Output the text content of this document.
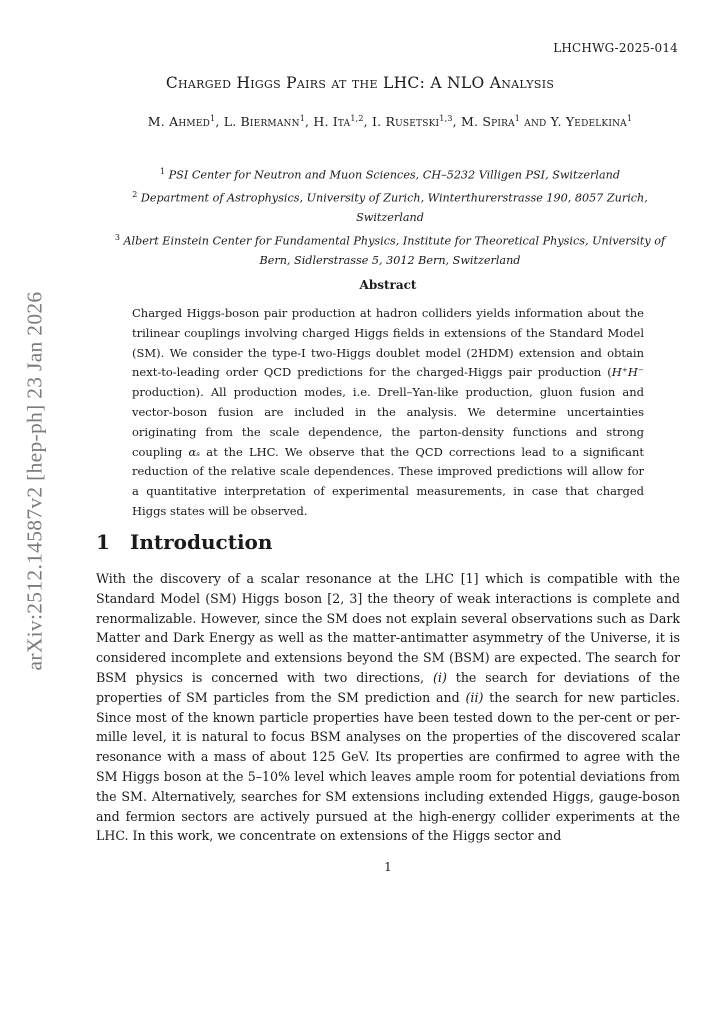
LHCHWG-2025-014
arXiv:2512.14587v2 [hep-ph] 23 Jan 2026
Charged Higgs Pairs at the LHC: A NLO Analysis
M. Ahmed$^1$, L. Biermann$^1$, H. Ita$^{1,2}$, I. Rusetski$^{1,3}$, M. Spira$^1$ and Y. Yedelkina$^1$
$^1$ PSI Center for Neutron and Muon Sciences, CH–5232 Villigen PSI, Switzerland
$^2$ Department of Astrophysics, University of Zurich, Winterthurerstrasse 190, 8057 Zurich, Switzerland
$^3$ Albert Einstein Center for Fundamental Physics, Institute for Theoretical Physics, University of Bern, Sidlerstrasse 5, 3012 Bern, Switzerland
Abstract

Charged Higgs-boson pair production at hadron colliders yields information about the trilinear couplings involving charged Higgs fields in extensions of the Standard Model (SM). We consider the type-I two-Higgs doublet model (2HDM) extension and obtain next-to-leading order QCD predictions for the charged-Higgs pair production (H⁺H⁻ production). All production modes, i.e. Drell–Yan-like production, gluon fusion and vector-boson fusion are included in the analysis. We determine uncertainties originating from the scale dependence, the parton-density functions and strong coupling αₛ at the LHC. We observe that the QCD corrections lead to a significant reduction of the relative scale dependences. These improved predictions will allow for a quantitative interpretation of experimental measurements, in case that charged Higgs states will be observed.

1 Introduction

With the discovery of a scalar resonance at the LHC [1] which is compatible with the Standard Model (SM) Higgs boson [2, 3] the theory of weak interactions is complete and renormalizable. However, since the SM does not explain several observations such as Dark Matter and Dark Energy as well as the matter-antimatter asymmetry of the Universe, it is considered incomplete and extensions beyond the SM (BSM) are expected. The search for BSM physics is concerned with two directions, (i) the search for deviations of the properties of SM particles from the SM prediction and (ii) the search for new particles. Since most of the known particle properties have been tested down to the per-cent or per-mille level, it is natural to focus BSM analyses on the properties of the discovered scalar resonance with a mass of about 125 GeV. Its properties are confirmed to agree with the SM Higgs boson at the 5–10% level which leaves ample room for potential deviations from the SM. Alternatively, searches for SM extensions including extended Higgs, gauge-boson and fermion sectors are actively pursued at the high-energy collider experiments at the LHC. In this work, we concentrate on extensions of the Higgs sector and

1
